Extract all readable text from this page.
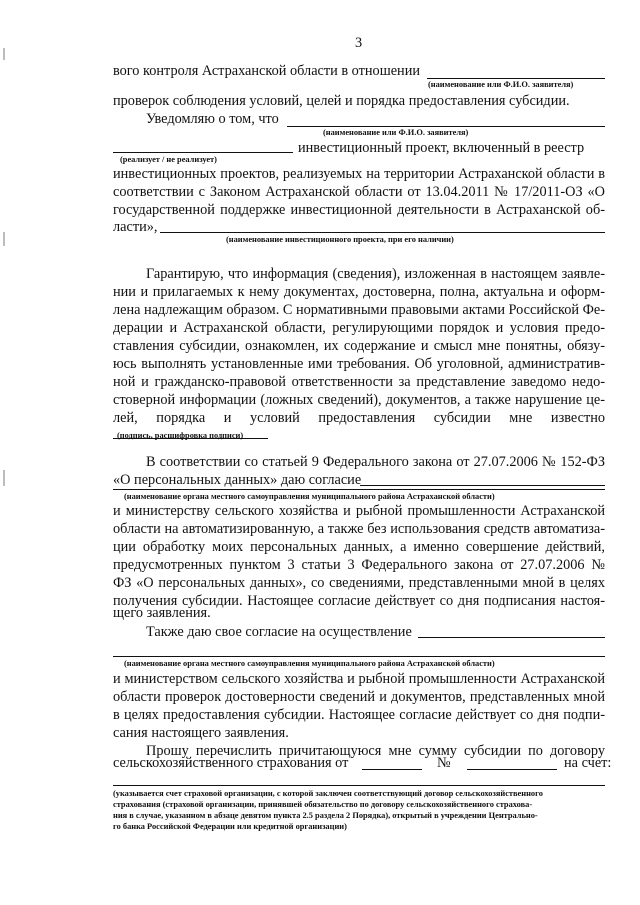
3
вого контроля Астраханской области в отношении
(наименование или Ф.И.О. заявителя)
проверок соблюдения условий, целей и порядка предоставления субсидии.
Уведомляю о том, что
(наименование или Ф.И.О. заявителя)
инвестиционный проект, включенный в реестр
(реализует / не реализует)
инвестиционных проектов, реализуемых на территории Астраханской области в
соответствии с Законом Астраханской области от 13.04.2011 № 17/2011-ОЗ «О
государственной поддержке инвестиционной деятельности в Астраханской об-
ласти»,
(наименование инвестиционного проекта, при его наличии)
Гарантирую, что информация (сведения), изложенная в настоящем заявле-
нии и прилагаемых к нему документах, достоверна, полна, актуальна и оформ-
лена надлежащим образом. С нормативными правовыми актами Российской Фе-
дерации и Астраханской области, регулирующими порядок и условия предо-
ставления субсидии, ознакомлен, их содержание и смысл мне понятны, обязу-
юсь выполнять установленные ими требования. Об уголовной, административ-
ной и гражданско-правовой ответственности за представление заведомо недо-
стоверной информации (ложных сведений), документов, а также нарушение це-
лей, порядка и условий предоставления субсидии мне известно
(подпись, расшифровка подписи)
В соответствии со статьей 9 Федерального закона от 27.07.2006 № 152-ФЗ
«О персональных данных» даю согласие
(наименование органа местного самоуправления муниципального района Астраханской области)
и министерству сельского хозяйства и рыбной промышленности Астраханской
области на автоматизированную, а также без использования средств автоматиза-
ции обработку моих персональных данных, а именно совершение действий,
предусмотренных пунктом 3 статьи 3 Федерального закона от 27.07.2006 №
ФЗ «О персональных данных», со сведениями, представленными мной в целях
получения субсидии. Настоящее согласие действует со дня подписания настоя-
щего заявления.
Также даю свое согласие на осуществление
(наименование органа местного самоуправления муниципального района Астраханской области)
и министерством сельского хозяйства и рыбной промышленности Астраханской
области проверок достоверности сведений и документов, представленных мной
в целях предоставления субсидии. Настоящее согласие действует со дня подпи-
сания настоящего заявления.
Прошу перечислить причитающуюся мне сумму субсидии по договору
сельскохозяйственного страхования от	№	на счет:
(указывается счет страховой организации, с которой заключен соответствующий договор сельскохозяйственного
страхования (страховой организации, принявшей обязательство по договору сельскохозяйственного страхова-
ния в случае, указанном в абзаце девятом пункта 2.5 раздела 2 Порядка), открытый в учреждении Центрально-
го банка Российской Федерации или кредитной организации)
